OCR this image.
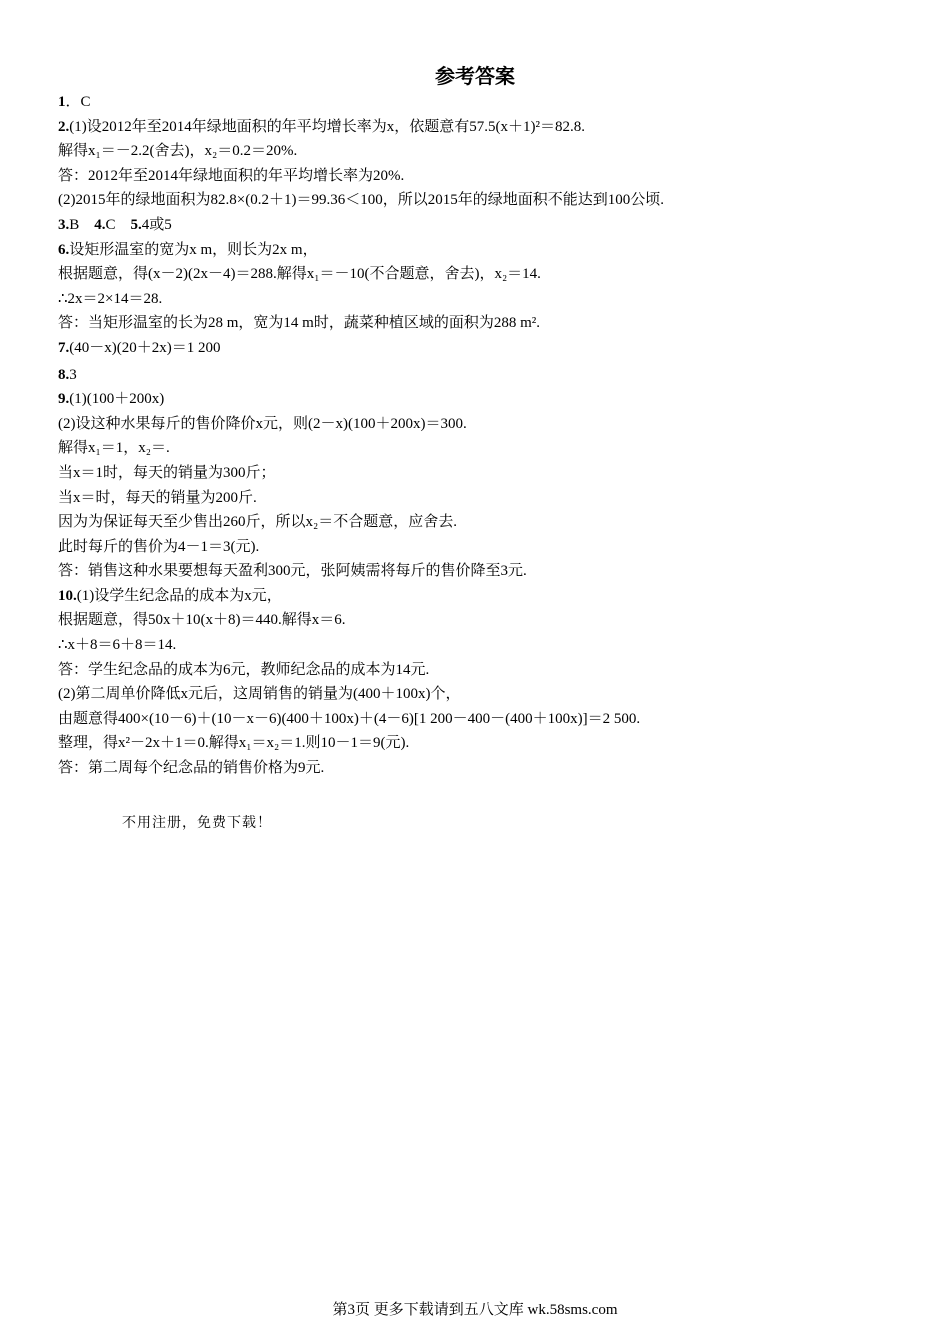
参考答案
1．C
2.(1)设2012年至2014年绿地面积的年平均增长率为x，依题意有57.5(x＋1)²＝82.8.
解得x₁＝－2.2(舍去)，x₂＝0.2＝20%.
答：2012年至2014年绿地面积的年平均增长率为20%.
(2)2015年的绿地面积为82.8×(0.2＋1)＝99.36＜100，所以2015年的绿地面积不能达到100公顷.
3.B　4.C　5.4或5
6.设矩形温室的宽为x m，则长为2x m，
根据题意，得(x－2)(2x－4)＝288.解得x₁＝－10(不合题意，舍去)，x₂＝14.
∴2x＝2×14＝28.
答：当矩形温室的长为28 m，宽为14 m时，蔬菜种植区域的面积为288 m².
7.(40－x)(20＋2x)＝1 200
8.3
9.(1)(100＋200x)
(2)设这种水果每斤的售价降价x元，则(2－x)(100＋200x)＝300.
解得x₁＝1，x₂＝.
当x＝1时，每天的销量为300斤；
当x＝时，每天的销量为200斤.
因为为保证每天至少售出260斤，所以x₂＝不合题意，应舍去.
此时每斤的售价为4－1＝3(元).
答：销售这种水果要想每天盈利300元，张阿姨需将每斤的售价降至3元.
10.(1)设学生纪念品的成本为x元，
根据题意，得50x＋10(x＋8)＝440.解得x＝6.
∴x＋8＝6＋8＝14.
答：学生纪念品的成本为6元，教师纪念品的成本为14元.
(2)第二周单价降低x元后，这周销售的销量为(400＋100x)个，
由题意得400×(10－6)＋(10－x－6)(400＋100x)＋(4－6)[1 200－400－(400＋100x)]＝2 500.
整理，得x²－2x＋1＝0.解得x₁＝x₂＝1.则10－1＝9(元).
答：第二周每个纪念品的销售价格为9元.
不用注册，免费下载！
第3页 更多下载请到五八文库 wk.58sms.com
